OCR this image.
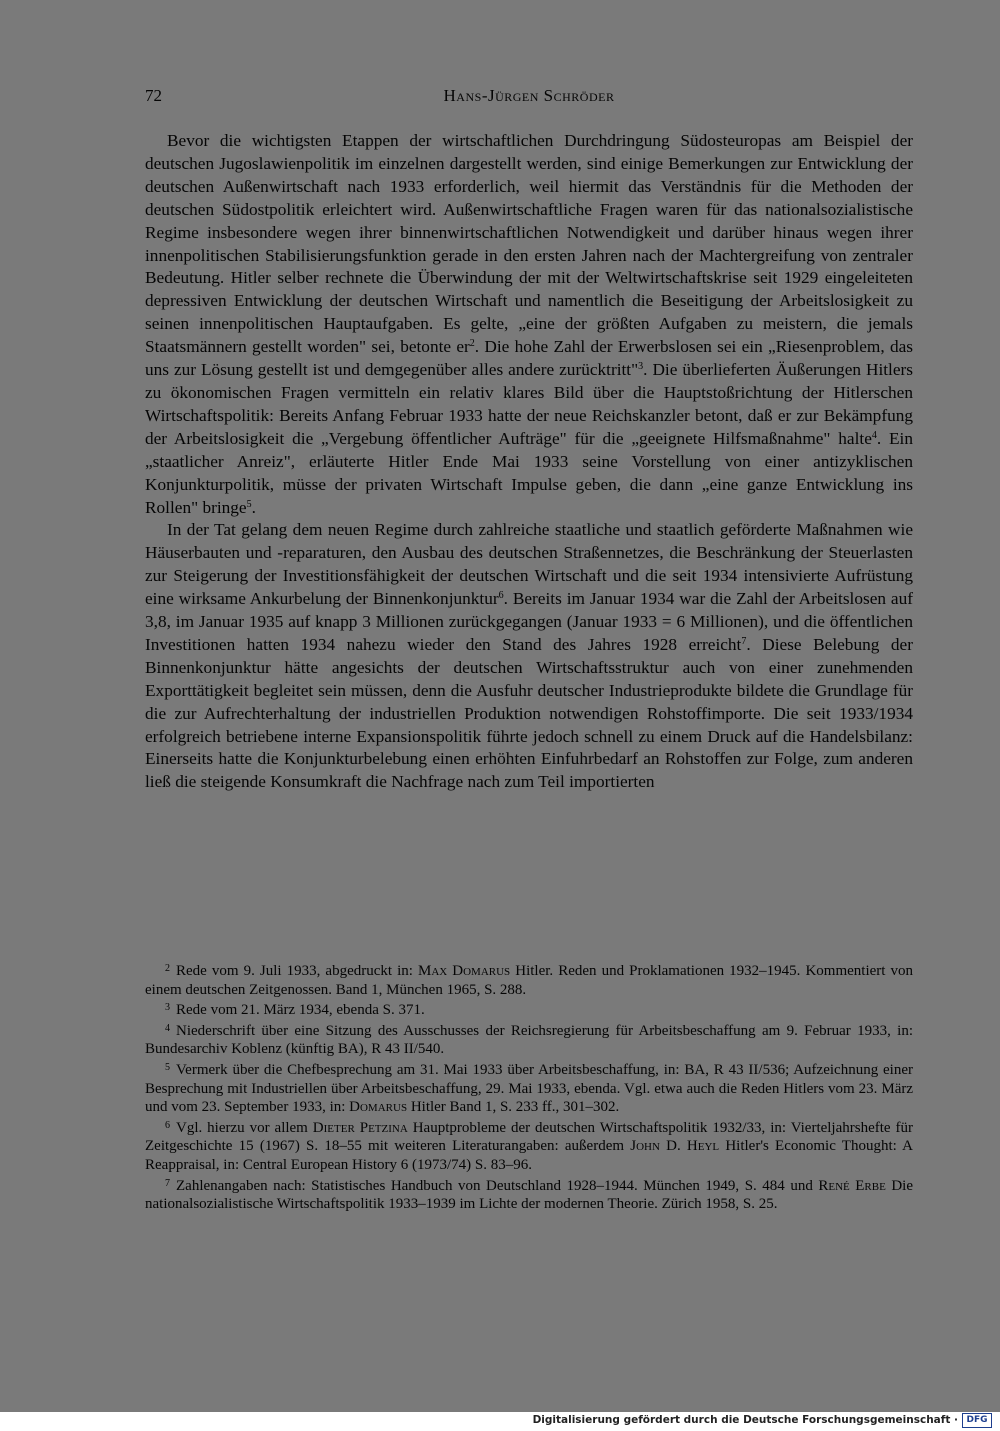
72	Hans-Jürgen Schröder

Bevor die wichtigsten Etappen der wirtschaftlichen Durchdringung Südosteuropas am Beispiel der deutschen Jugoslawienpolitik im einzelnen dargestellt werden, sind einige Bemerkungen zur Entwicklung der deutschen Außenwirtschaft nach 1933 erforderlich, weil hiermit das Verständnis für die Methoden der deutschen Südostpolitik erleichtert wird. Außenwirtschaftliche Fragen waren für das nationalsozialistische Regime insbesondere wegen ihrer binnenwirtschaftlichen Notwendigkeit und darüber hinaus wegen ihrer innenpolitischen Stabilisierungsfunktion gerade in den ersten Jahren nach der Machtergreifung von zentraler Bedeutung. Hitler selber rechnete die Überwindung der mit der Weltwirtschaftskrise seit 1929 eingeleiteten depressiven Entwicklung der deutschen Wirtschaft und namentlich die Beseitigung der Arbeitslosigkeit zu seinen innenpolitischen Hauptaufgaben. Es gelte, „eine der größten Aufgaben zu meistern, die jemals Staatsmännern gestellt worden" sei, betonte $er^2$. Die hohe Zahl der Erwerbslosen sei ein „Riesenproblem, das uns zur Lösung gestellt ist und demgegenüber alles andere zurücktritt"$^3$. Die überlieferten Äußerungen Hitlers zu ökonomischen Fragen vermitteln ein relativ klares Bild über die Hauptstoßrichtung der Hitlerschen Wirtschaftspolitik: Bereits Anfang Februar 1933 hatte der neue Reichskanzler betont, daß er zur Bekämpfung der Arbeitslosigkeit die „Vergebung öffentlicher Aufträge" für die „geeignete Hilfsmaßnahme" halte$^4$. Ein „staatlicher Anreiz", erläuterte Hitler Ende Mai 1933 seine Vorstellung von einer antizyklischen Konjunkturpolitik, müsse der privaten Wirtschaft Impulse geben, die dann „eine ganze Entwicklung ins Rollen" bringe$^5$.

In der Tat gelang dem neuen Regime durch zahlreiche staatliche und staatlich geförderte Maßnahmen wie Häuserbauten und -reparaturen, den Ausbau des deutschen Straßennetzes, die Beschränkung der Steuerlasten zur Steigerung der Investitionsfähigkeit der deutschen Wirtschaft und die seit 1934 intensivierte Aufrüstung eine wirksame Ankurbelung der Binnenkonjunktur$^6$. Bereits im Januar 1934 war die Zahl der Arbeitslosen auf 3,8, im Januar 1935 auf knapp 3 Millionen zurückgegangen (Januar 1933 = 6 Millionen), und die öffentlichen Investitionen hatten 1934 nahezu wieder den Stand des Jahres 1928 erreicht$^7$. Diese Belebung der Binnenkonjunktur hätte angesichts der deutschen Wirtschaftsstruktur auch von einer zunehmenden Exporttätigkeit begleitet sein müssen, denn die Ausfuhr deutscher Industrieprodukte bildete die Grundlage für die zur Aufrechterhaltung der industriellen Produktion notwendigen Rohstoffimporte. Die seit 1933/1934 erfolgreich betriebene interne Expansionspolitik führte jedoch schnell zu einem Druck auf die Handelsbilanz: Einerseits hatte die Konjunkturbelebung einen erhöhten Einfuhrbedarf an Rohstoffen zur Folge, zum anderen ließ die steigende Konsumkraft die Nachfrage nach zum Teil importierten

$^2$ Rede vom 9. Juli 1933, abgedruckt in: Max Domarus Hitler. Reden und Proklamationen 1932–1945. Kommentiert von einem deutschen Zeitgenossen. Band 1, München 1965, S. 288.

$^3$ Rede vom 21. März 1934, ebenda S. 371.

$^4$ Niederschrift über eine Sitzung des Ausschusses der Reichsregierung für Arbeitsbeschaffung am 9. Februar 1933, in: Bundesarchiv Koblenz (künftig BA), R 43 II/540.

$^5$ Vermerk über die Chefbesprechung am 31. Mai 1933 über Arbeitsbeschaffung, in: BA, R 43 II/536; Aufzeichnung einer Besprechung mit Industriellen über Arbeitsbeschaffung, 29. Mai 1933, ebenda. Vgl. etwa auch die Reden Hitlers vom 23. März und vom 23. September 1933, in: Domarus Hitler Band 1, S. 233 ff., 301–302.

$^6$ Vgl. hierzu vor allem Dieter Petzina Hauptprobleme der deutschen Wirtschaftspolitik 1932/33, in: Vierteljahrshefte für Zeitgeschichte 15 (1967) S. 18–55 mit weiteren Literaturangaben: außerdem John D. Heyl Hitler's Economic Thought: A Reappraisal, in: Central European History 6 (1973/74) S. 83–96.

$^7$ Zahlenangaben nach: Statistisches Handbuch von Deutschland 1928–1944. München 1949, S. 484 und René Erbe Die nationalsozialistische Wirtschaftspolitik 1933–1939 im Lichte der modernen Theorie. Zürich 1958, S. 25.

Digitalisierung gefördert durch die Deutsche Forschungsgemeinschaft · DFG
